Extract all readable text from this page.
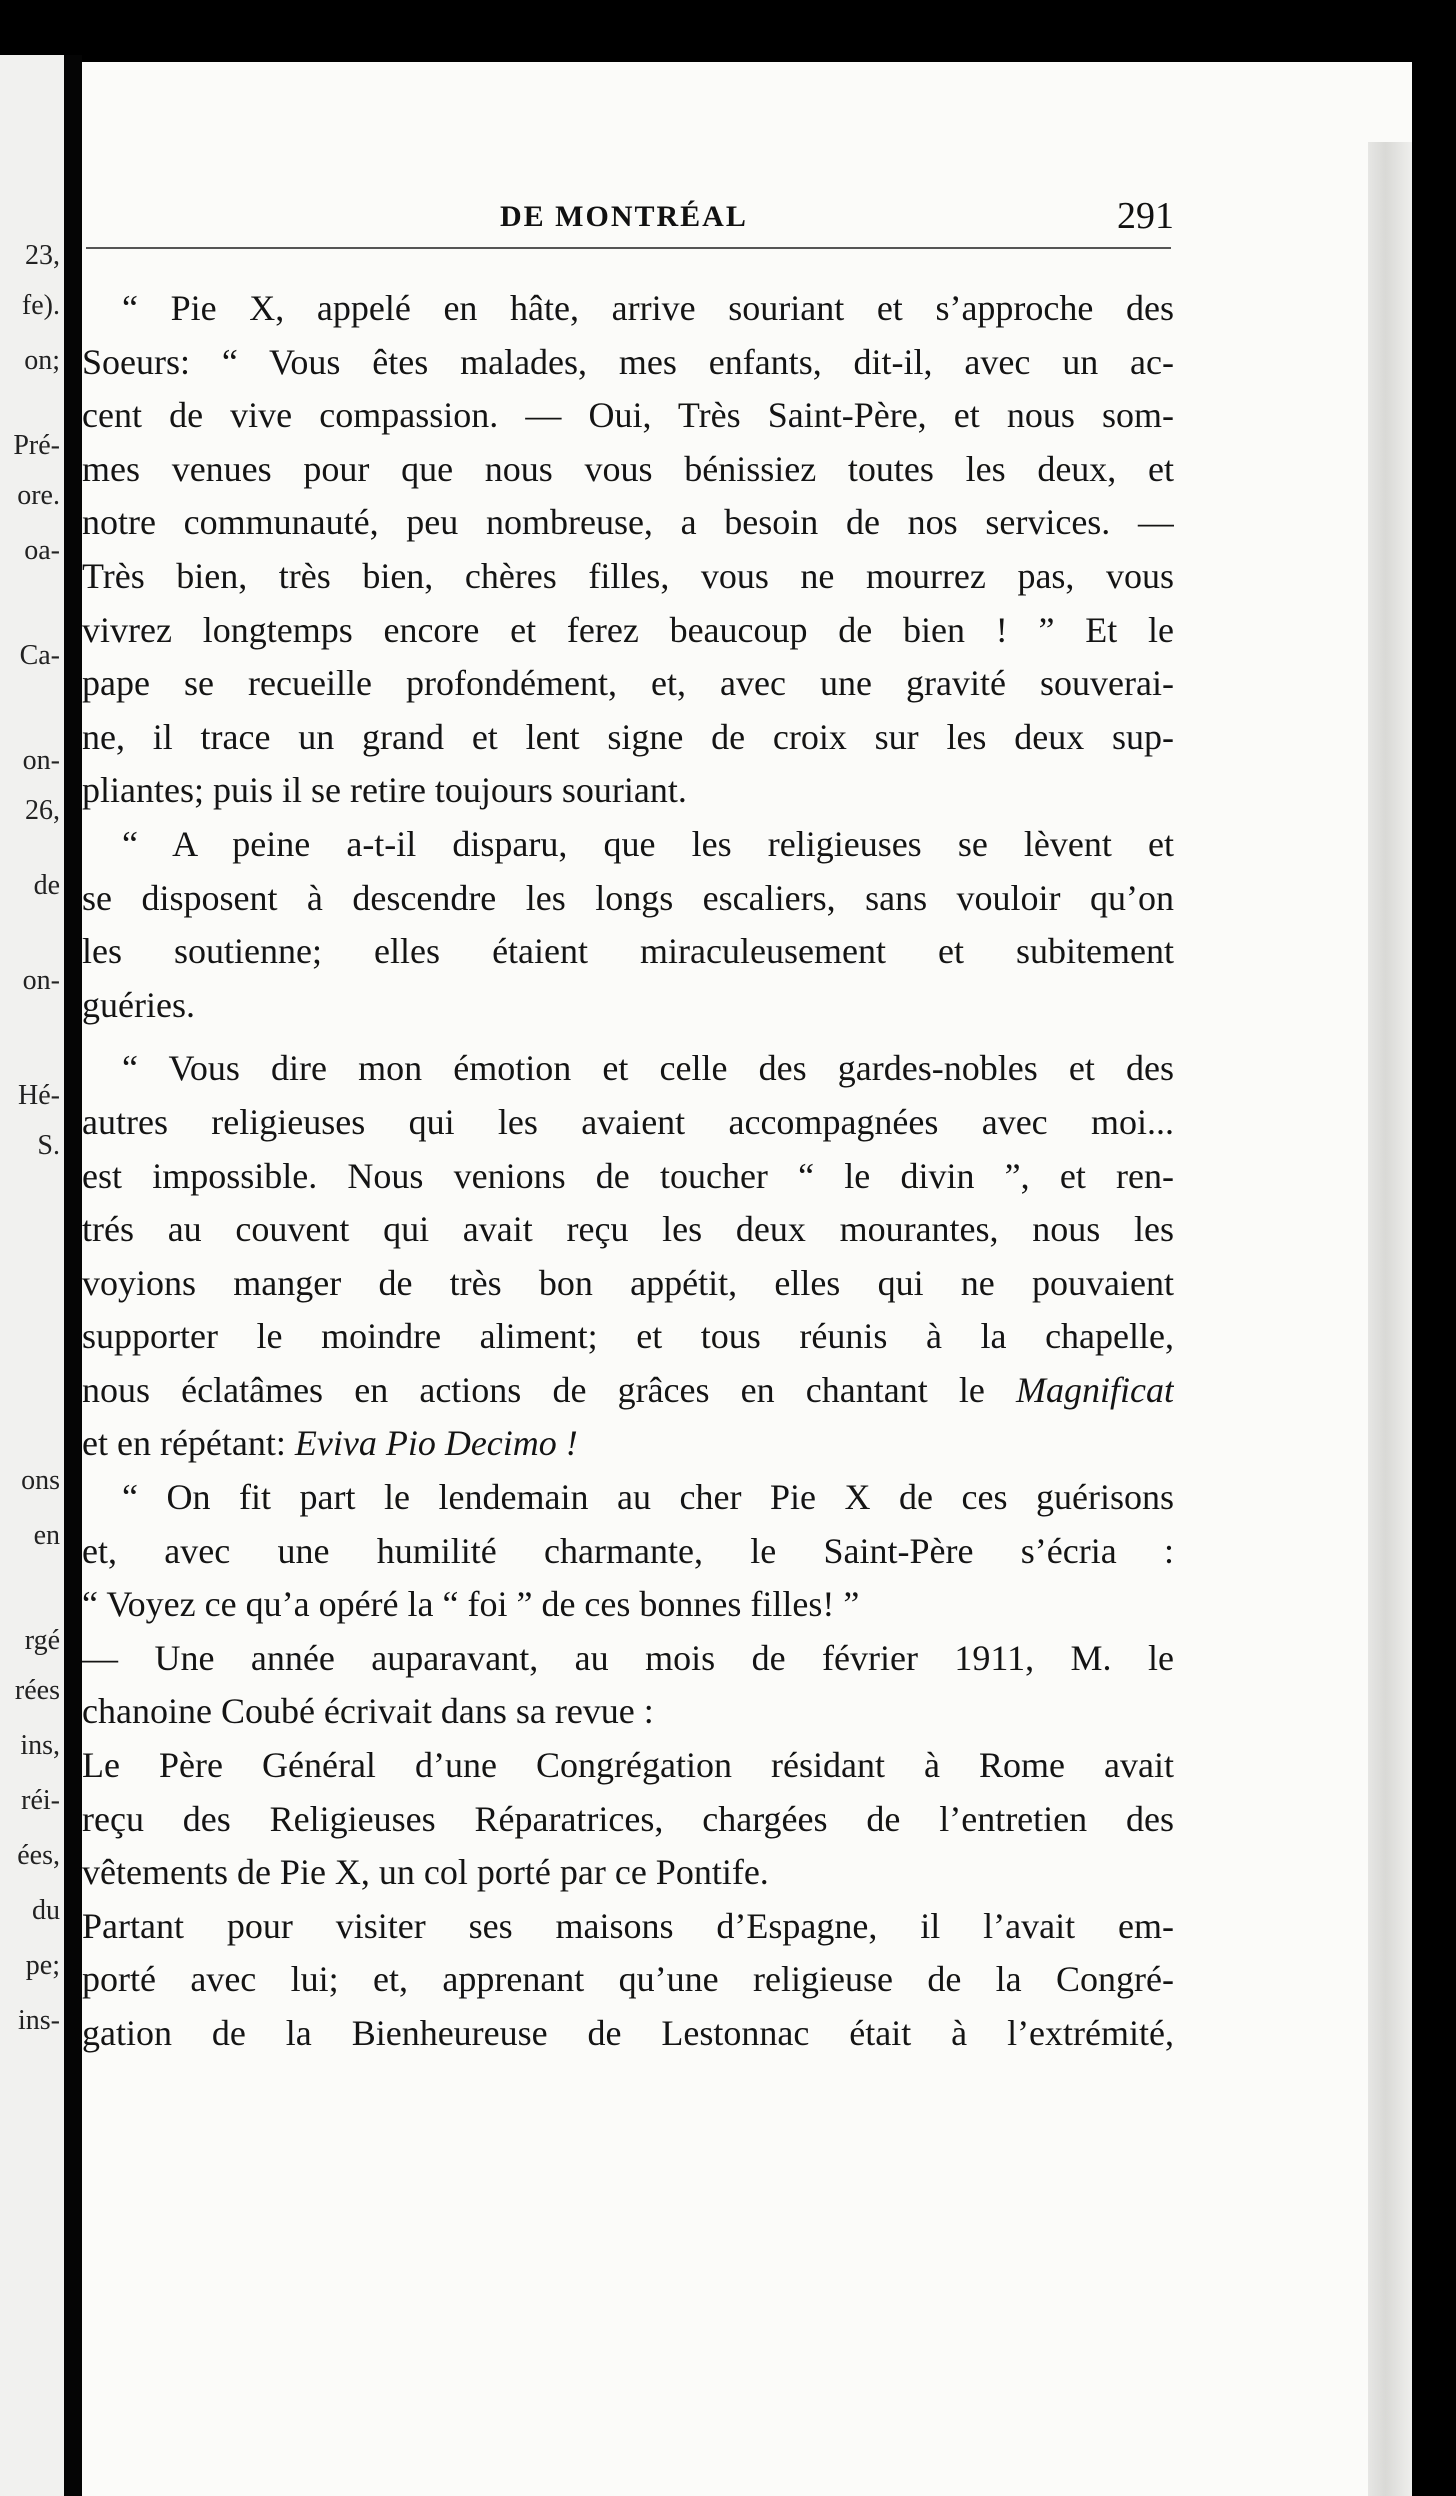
23,
fe).
on;
Pré-
ore.
oa-
Ca-
on-
26,
de
on-
Hé-
S.
ons
en
rgé
rées
ins,
réi-
ées,
du
pe;
ins-
DE MONTRÉAL	291
“ Pie X, appelé en hâte, arrive souriant et s’approche des
Soeurs: “ Vous êtes malades, mes enfants, dit-il, avec un ac-
cent de vive compassion. — Oui, Très Saint-Père, et nous som-
mes venues pour que nous vous bénissiez toutes les deux, et
notre communauté, peu nombreuse, a besoin de nos services. —
Très bien, très bien, chères filles, vous ne mourrez pas, vous
vivrez longtemps encore et ferez beaucoup de bien ! ” Et le
pape se recueille profondément, et, avec une gravité souverai-
ne, il trace un grand et lent signe de croix sur les deux sup-
pliantes; puis il se retire toujours souriant.
“ A peine a-t-il disparu, que les religieuses se lèvent et
se disposent à descendre les longs escaliers, sans vouloir qu’on
les soutienne; elles étaient miraculeusement et subitement
guéries.
“ Vous dire mon émotion et celle des gardes-nobles et des
autres religieuses qui les avaient accompagnées avec moi...
est impossible. Nous venions de toucher “ le divin ”, et ren-
trés au couvent qui avait reçu les deux mourantes, nous les
voyions manger de très bon appétit, elles qui ne pouvaient
supporter le moindre aliment; et tous réunis à la chapelle,
nous éclatâmes en actions de grâces en chantant le Magnificat
et en répétant: Eviva Pio Decimo !
“ On fit part le lendemain au cher Pie X de ces guérisons
et, avec une humilité charmante, le Saint-Père s’écria :
“ Voyez ce qu’a opéré la “ foi ” de ces bonnes filles! ”
— Une année auparavant, au mois de février 1911, M. le
chanoine Coubé écrivait dans sa revue :
Le Père Général d’une Congrégation résidant à Rome avait
reçu des Religieuses Réparatrices, chargées de l’entretien des
vêtements de Pie X, un col porté par ce Pontife.
Partant pour visiter ses maisons d’Espagne, il l’avait em-
porté avec lui; et, apprenant qu’une religieuse de la Congré-
gation de la Bienheureuse de Lestonnac était à l’extrémité,
